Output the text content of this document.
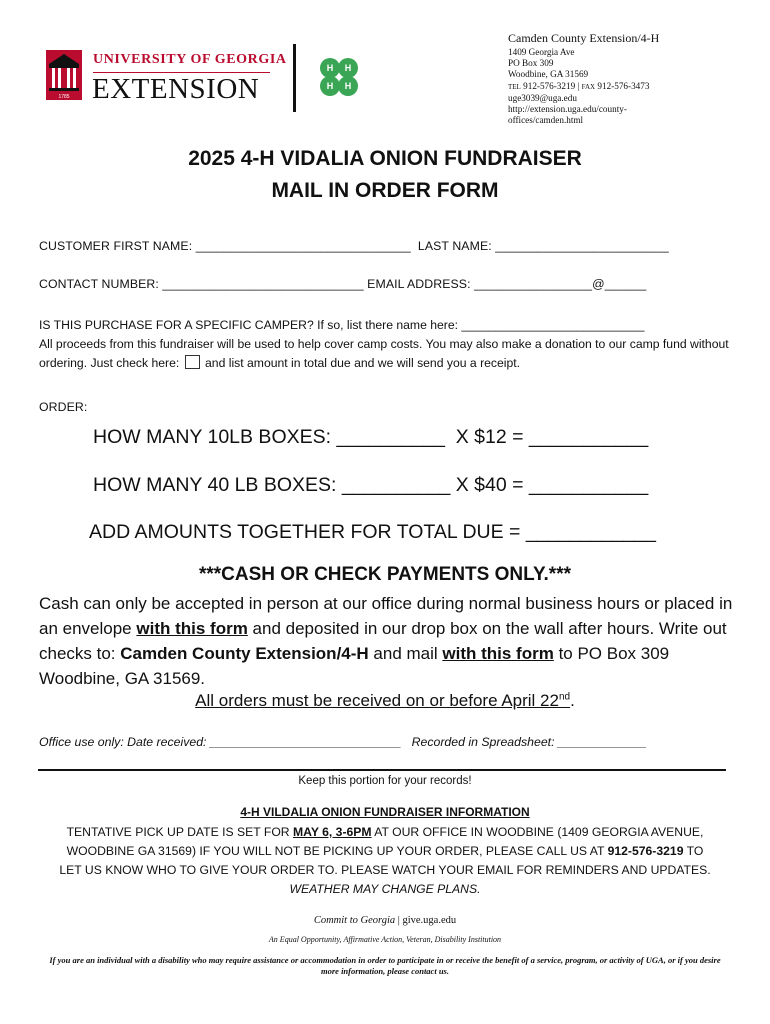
1785
UNIVERSITY OF GEORGIA
EXTENSION
H H
H H
Camden County Extension/4-H
1409 Georgia Ave
PO Box 309
Woodbine, GA 31569
TEL 912-576-3219 | FAX 912-576-3473
uge3039@uga.edu
http://extension.uga.edu/county-
offices/camden.html
2025 4-H VIDALIA ONION FUNDRAISER
MAIL IN ORDER FORM
CUSTOMER FIRST NAME: _______________________________  LAST NAME: _________________________
CONTACT NUMBER: _____________________________ EMAIL ADDRESS: _________________@______
IS THIS PURCHASE FOR A SPECIFIC CAMPER? If so, list there name here: ___________________________
All proceeds from this fundraiser will be used to help cover camp costs. You may also make a donation to our camp fund without ordering. Just check here: and list amount in total due and we will send you a receipt.
ORDER:
HOW MANY 10LB BOXES: __________  X $12 = ___________
HOW MANY 40 LB BOXES: __________ X $40 = ___________
ADD AMOUNTS TOGETHER FOR TOTAL DUE = ____________
***CASH OR CHECK PAYMENTS ONLY.***
Cash can only be accepted in person at our office during normal business hours or placed in an envelope with this form and deposited in our drop box on the wall after hours. Write out checks to: Camden County Extension/4-H and mail with this form to PO Box 309 Woodbine, GA 31569.
All orders must be received on or before April 22nd.
Office use only: Date received: ____________________________   Recorded in Spreadsheet: _____________
Keep this portion for your records!
4-H VILDALIA ONION FUNDRAISER INFORMATION
TENTATIVE PICK UP DATE IS SET FOR MAY 6, 3-6PM AT OUR OFFICE IN WOODBINE (1409 GEORGIA AVENUE, WOODBINE GA 31569) IF YOU WILL NOT BE PICKING UP YOUR ORDER, PLEASE CALL US AT 912-576-3219 TO LET US KNOW WHO TO GIVE YOUR ORDER TO. PLEASE WATCH YOUR EMAIL FOR REMINDERS AND UPDATES. WEATHER MAY CHANGE PLANS.
Commit to Georgia | give.uga.edu
An Equal Opportunity, Affirmative Action, Veteran, Disability Institution
If you are an individual with a disability who may require assistance or accommodation in order to participate in or receive the benefit of a service, program, or activity of UGA, or if you desire more information, please contact us.
